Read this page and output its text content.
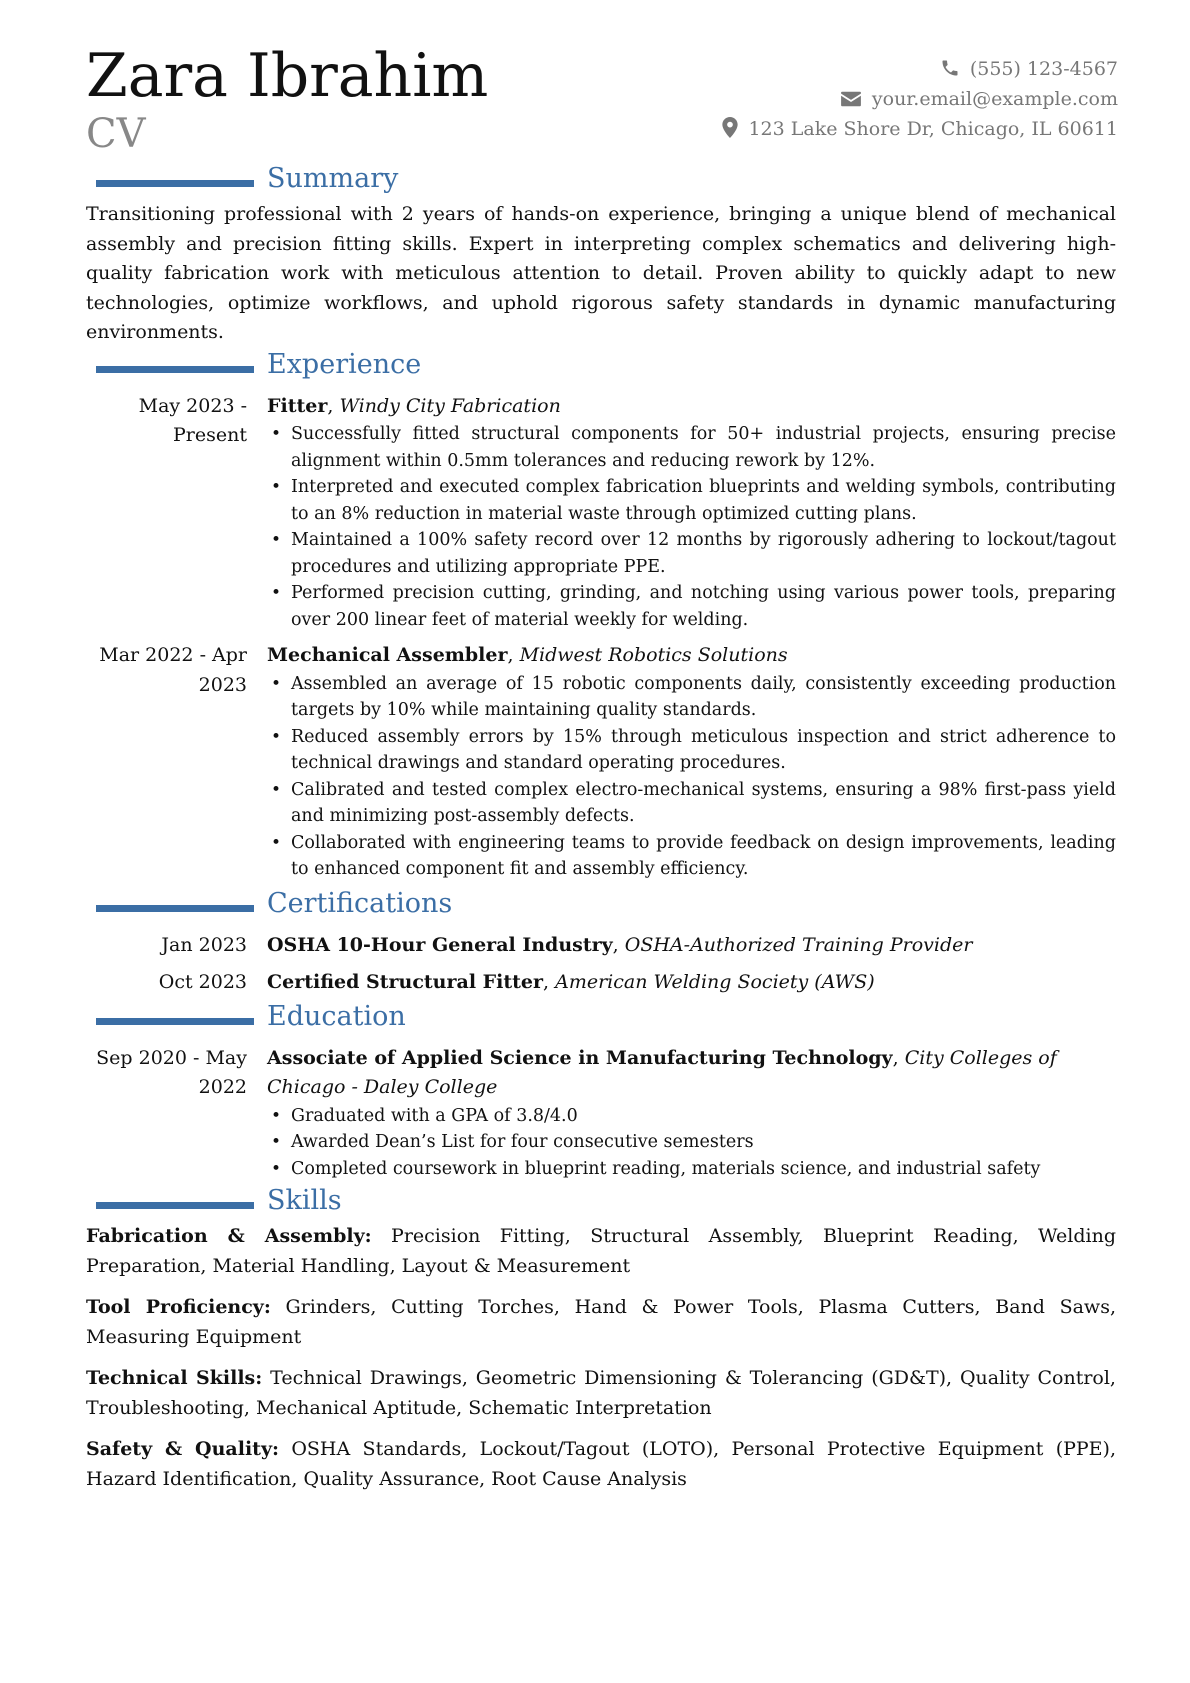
Zara Ibrahim
CV
(555) 123-4567
your.email@example.com
123 Lake Shore Dr, Chicago, IL 60611
Summary

Transitioning professional with 2 years of hands-on experience, bringing a unique blend of mechanical assembly and precision fitting skills. Expert in interpreting complex schematics and delivering high-quality fabrication work with meticulous attention to detail. Proven ability to quickly adapt to new technologies, optimize workflows, and uphold rigorous safety standards in dynamic manufacturing environments.

Experience
May 2023 - Present
Fitter, Windy City Fabrication
• Successfully fitted structural components for 50+ industrial projects, ensuring precise alignment within 0.5mm tolerances and reducing rework by 12%.
• Interpreted and executed complex fabrication blueprints and welding symbols, contributing to an 8% reduction in material waste through optimized cutting plans.
• Maintained a 100% safety record over 12 months by rigorously adhering to lockout/tagout procedures and utilizing appropriate PPE.
• Performed precision cutting, grinding, and notching using various power tools, preparing over 200 linear feet of material weekly for welding.
Mar 2022 - Apr 2023
Mechanical Assembler, Midwest Robotics Solutions
• Assembled an average of 15 robotic components daily, consistently exceeding production targets by 10% while maintaining quality standards.
• Reduced assembly errors by 15% through meticulous inspection and strict adherence to technical drawings and standard operating procedures.
• Calibrated and tested complex electro-mechanical systems, ensuring a 98% first-pass yield and minimizing post-assembly defects.
• Collaborated with engineering teams to provide feedback on design improvements, leading to enhanced component fit and assembly efficiency.
Certifications
Jan 2023	OSHA 10-Hour General Industry, OSHA-Authorized Training Provider
Oct 2023	Certified Structural Fitter, American Welding Society (AWS)
Education
Sep 2020 - May 2022
Associate of Applied Science in Manufacturing Technology, City Colleges of Chicago - Daley College
• Graduated with a GPA of 3.8/4.0
• Awarded Dean’s List for four consecutive semesters
• Completed coursework in blueprint reading, materials science, and industrial safety
Skills

Fabrication & Assembly: Precision Fitting, Structural Assembly, Blueprint Reading, Welding Preparation, Material Handling, Layout & Measurement

Tool Proficiency: Grinders, Cutting Torches, Hand & Power Tools, Plasma Cutters, Band Saws, Measuring Equipment

Technical Skills: Technical Drawings, Geometric Dimensioning & Tolerancing (GD&T), Quality Control, Troubleshooting, Mechanical Aptitude, Schematic Interpretation

Safety & Quality: OSHA Standards, Lockout/Tagout (LOTO), Personal Protective Equipment (PPE), Hazard Identification, Quality Assurance, Root Cause Analysis
